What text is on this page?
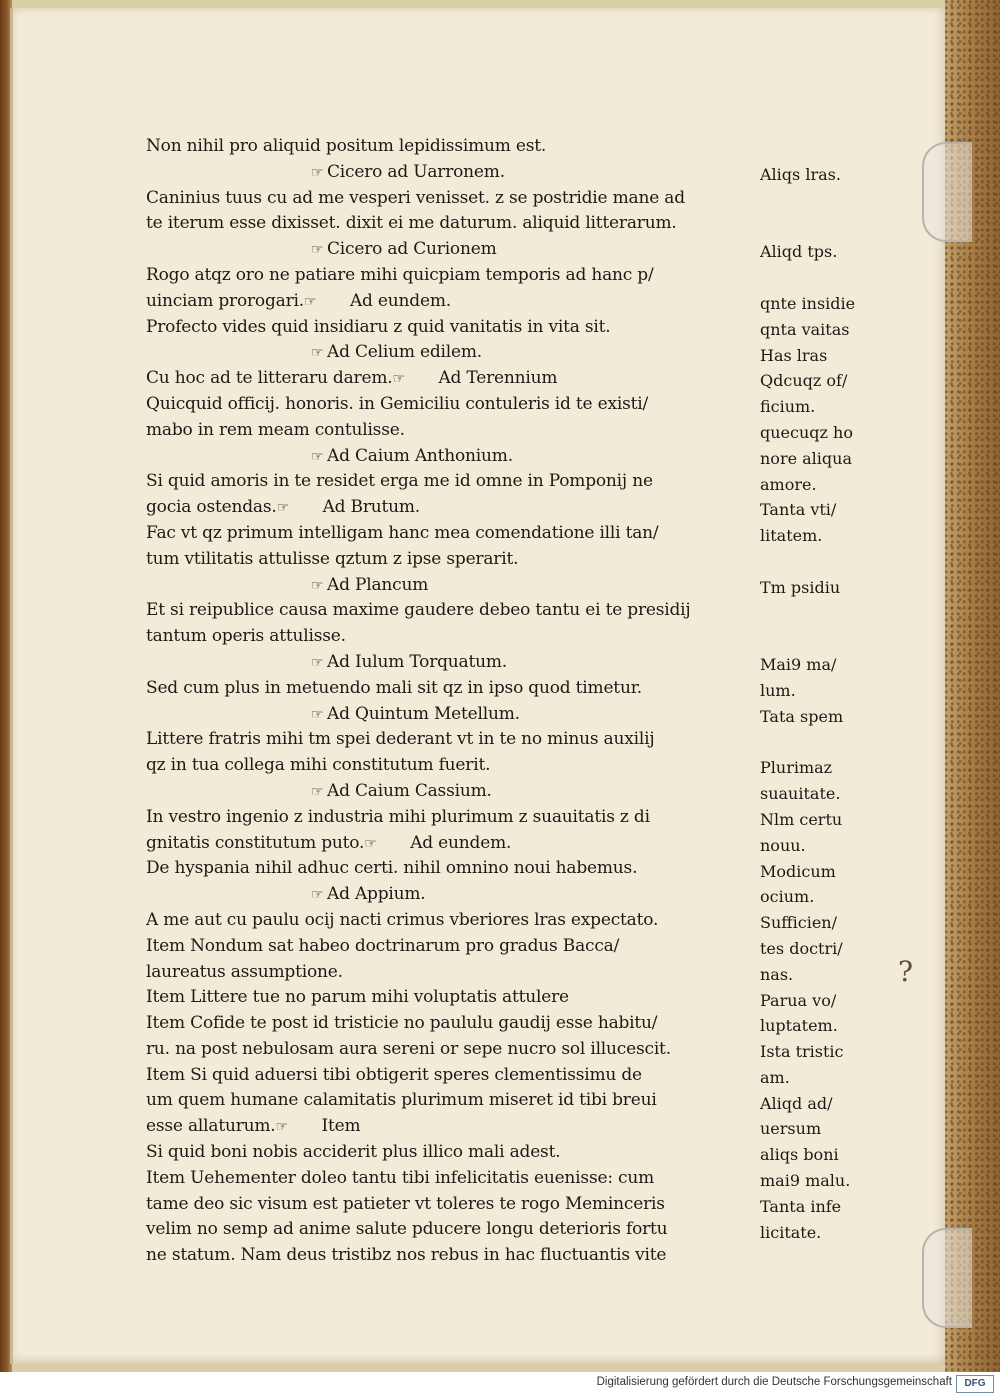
Non nihil pro aliquid positum lepidissimum est.
☞ Cicero ad Uarronem.
Caninius tuus cu ad me vesperi venisset. z se postridie mane ad
te iterum esse dixisset. dixit ei me daturum. aliquid litterarum.
☞ Cicero ad Curionem
Rogo atqz oro ne patiare mihi quicpiam temporis ad hanc p/
uinciam prorogari.☞ Ad eundem.
Profecto vides quid insidiaru z quid vanitatis in vita sit.
☞ Ad Celium edilem.
Cu hoc ad te litteraru darem.☞ Ad Terennium
Quicquid officij. honoris. in Gemiciliu contuleris id te existi/
mabo in rem meam contulisse.
☞ Ad Caium Anthonium.
Si quid amoris in te residet erga me id omne in Pomponij ne
gocia ostendas.☞ Ad Brutum.
Fac vt qz primum intelligam hanc mea comendatione illi tan/
tum vtilitatis attulisse qztum z ipse sperarit.
☞ Ad Plancum
Et si reipublice causa maxime gaudere debeo tantu ei te presidij
tantum operis attulisse.
☞ Ad Iulum Torquatum.
Sed cum plus in metuendo mali sit qz in ipso quod timetur.
☞ Ad Quintum Metellum.
Littere fratris mihi tm spei dederant vt in te no minus auxilij
qz in tua collega mihi constitutum fuerit.
☞ Ad Caium Cassium.
In vestro ingenio z industria mihi plurimum z suauitatis z di
gnitatis constitutum puto.☞ Ad eundem.
De hyspania nihil adhuc certi. nihil omnino noui habemus.
☞ Ad Appium.
A me aut cu paulu ocij nacti crimus vberiores lras expectato.
Item Nondum sat habeo doctrinarum pro gradus Bacca/
laureatus assumptione.
Item Littere tue no parum mihi voluptatis attulere
Item Cofide te post id tristicie no paululu gaudij esse habitu/
ru. na post nebulosam aura sereni or sepe nucro sol illucescit.
Item Si quid aduersi tibi obtigerit speres clementissimu de
um quem humane calamitatis plurimum miseret id tibi breui
esse allaturum.☞ Item
Si quid boni nobis acciderit plus illico mali adest.
Item Uehementer doleo tantu tibi infelicitatis euenisse: cum
tame deo sic visum est patieter vt toleres te rogo Meminceris
velim no semp ad anime salute pducere longu deterioris fortu
ne statum. Nam deus tristibz nos rebus in hac fluctuantis vite
Aliqs lras.
Aliqd tps.
qnte insidie
qnta vaitas
Has lras
Qdcuqz of/
ficium.
quecuqz ho
nore aliqua
amore.
Tanta vti/
litatem.
Tm psidiu
Mai9 ma/
lum.
Tata spem
Plurimaz
suauitate.
Nlm certu
nouu.
Modicum
ocium.
Sufficien/
tes doctri/
nas.
Parua vo/
luptatem.
Ista tristic
am.
Aliqd ad/
uersum
aliqs boni
mai9 malu.
Tanta infe
licitate.
?
Digitalisierung gefördert durch die Deutsche Forschungsgemeinschaft	DFG
